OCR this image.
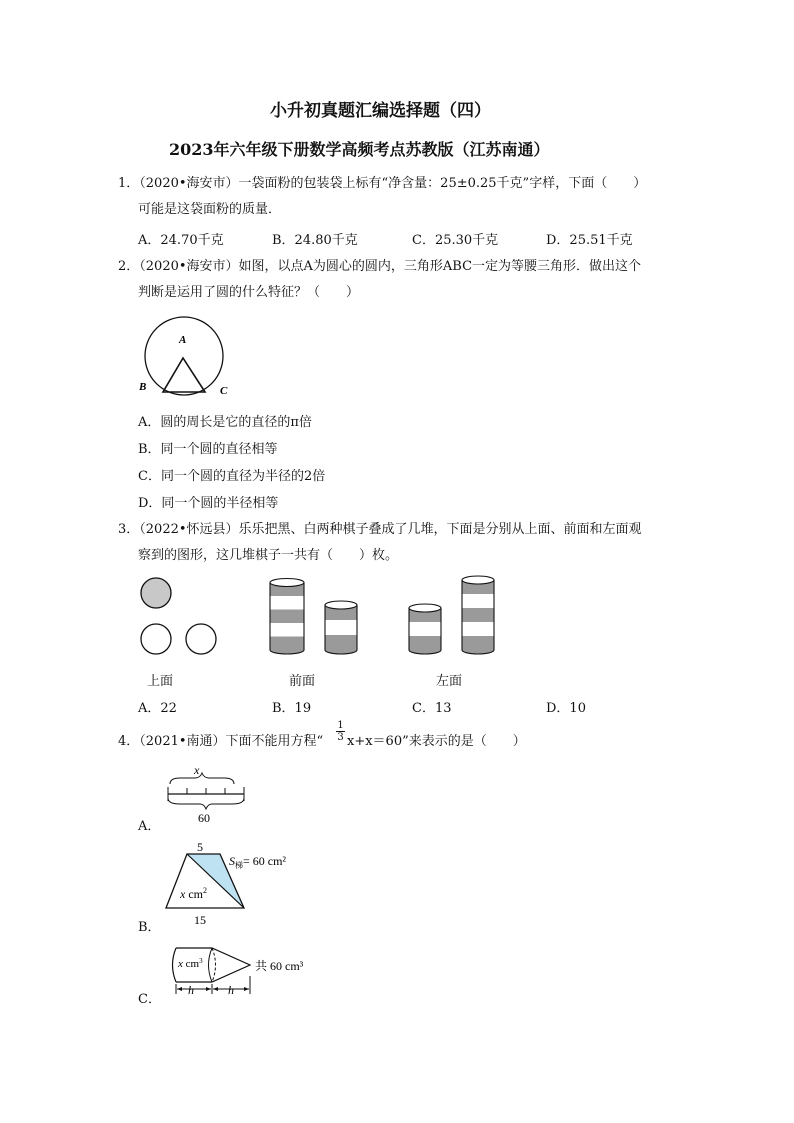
小升初真题汇编选择题（四）
2023年六年级下册数学高频考点苏教版（江苏南通）
1．（2020•海安市）一袋面粉的包装袋上标有“净含量：25±0.25千克”字样，下面（　　）
可能是这袋面粉的质量．
A．24.70千克	B．24.80千克	C．25.30千克	D．25.51千克
2．（2020•海安市）如图，以点A为圆心的圆内，三角形ABC一定为等腰三角形．做出这个
判断是运用了圆的什么特征？（　　）
A
B	C
A．圆的周长是它的直径的π倍
B．同一个圆的直径相等
C．同一个圆的直径为半径的2倍
D．同一个圆的半径相等
3．（2022•怀远县）乐乐把黑、白两种棋子叠成了几堆，下面是分别从上面、前面和左面观
察到的图形，这几堆棋子一共有（　　）枚。
上面	前面	左面
A．22	B．19	C．13	D．10
4．（2021•南通）下面不能用方程“ $\frac{1}{3} x+x=60$”来表示的是（　　）
A．
x
60
B．
5
15
x $cm^2$
$S_梯= 60$ cm²
C．
x $cm^3$	共 60 cm³
h	h
